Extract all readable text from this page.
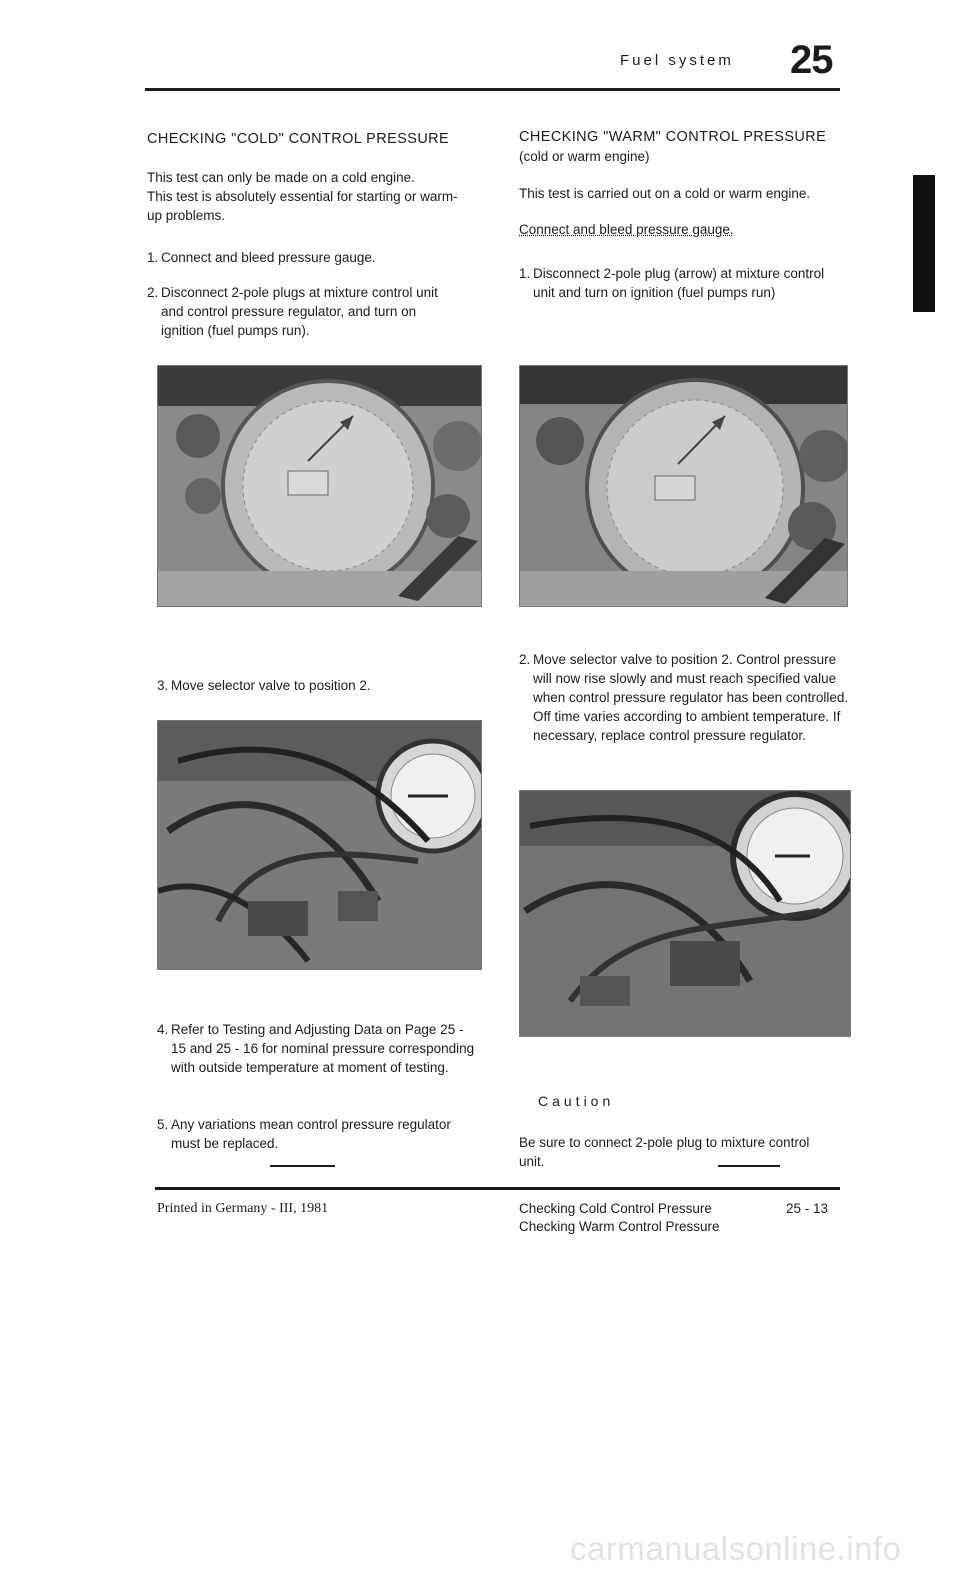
Fuel system 25
CHECKING "COLD" CONTROL PRESSURE

This test can only be made on a cold engine.

This test is absolutely essential for starting or warm-up problems.

1. Connect and bleed pressure gauge.
2. Disconnect 2-pole plugs at mixture control unit and control pressure regulator, and turn on ignition (fuel pumps run).
3. Move selector valve to position 2.
4. Refer to Testing and Adjusting Data on Page 25 - 15 and 25 - 16 for nominal pressure corresponding with outside temperature at moment of testing.
5. Any variations mean control pressure regulator must be replaced.
CHECKING "WARM" CONTROL PRESSURE
(cold or warm engine)
This test is carried out on a cold or warm engine.
Connect and bleed pressure gauge.
1. Disconnect 2-pole plug (arrow) at mixture control unit and turn on ignition (fuel pumps run)
2. Move selector valve to position 2. Control pressure will now rise slowly and must reach specified value when control pressure regulator has been controlled. Off time varies according to ambient temperature. If necessary, replace control pressure regulator.
Caution
Be sure to connect 2-pole plug to mixture control unit.
Printed in Germany - III, 1981	Checking Cold Control Pressure
Checking Warm Control Pressure
25 - 13
carmanualsonline.info
